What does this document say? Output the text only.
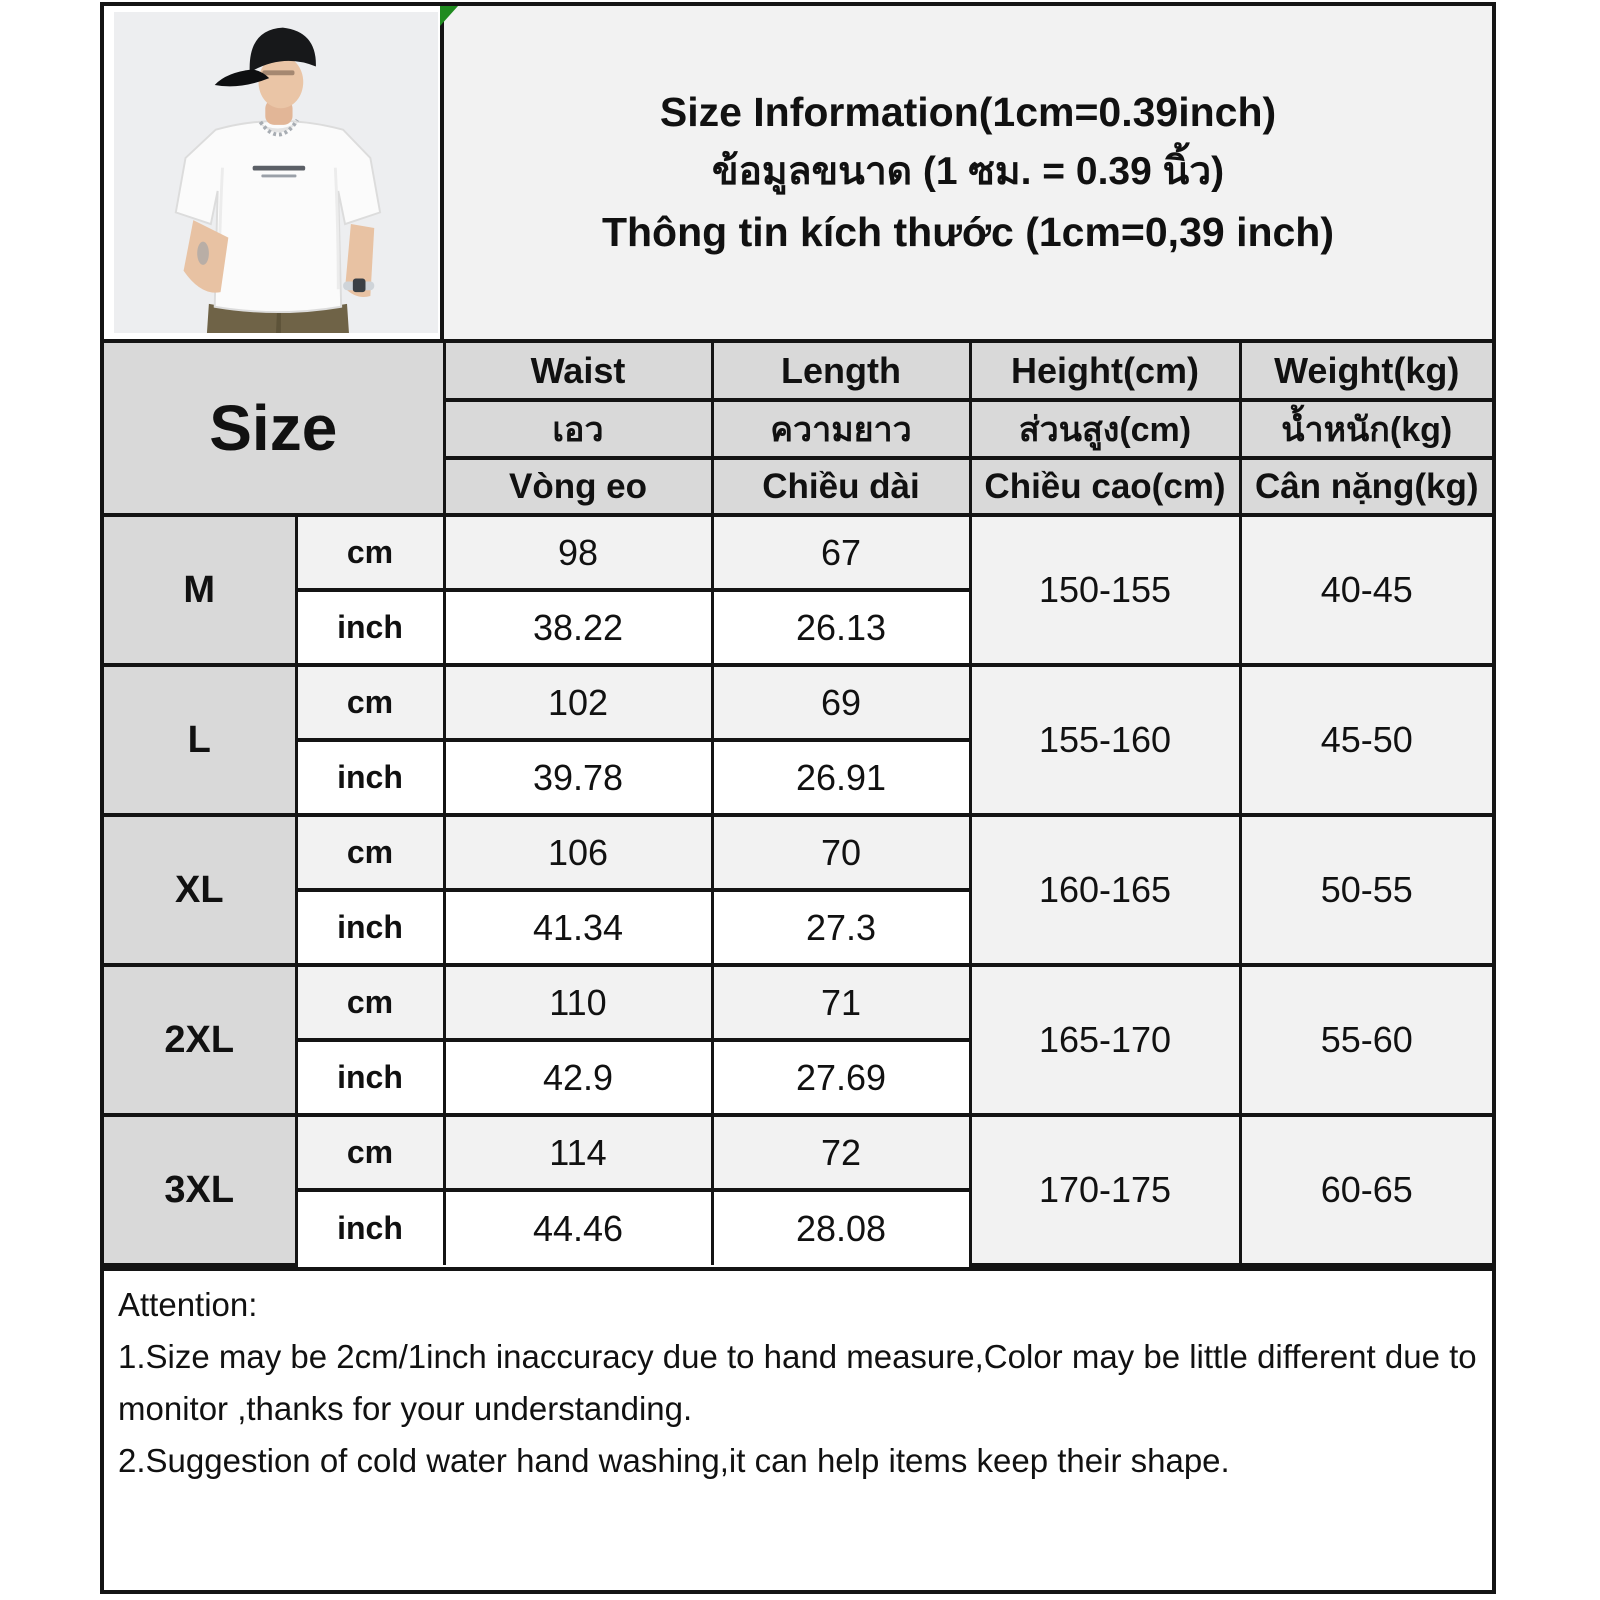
Size Information(1cm=0.39inch)
ข้อมูลขนาด (1 ซม. = 0.39 นิ้ว)
Thông tin kích thước (1cm=0,39 inch)
Size		Waist	Length	Height(cm)	Weight(kg)
		เอว	ความยาว	ส่วนสูง(cm)	น้ำหนัก(kg)
		Vòng eo	Chiều dài	Chiều cao(cm)	Cân nặng(kg)
M	cm	98	67	150-155	40-45
	inch	38.22	26.13		
L	cm	102	69	155-160	45-50
	inch	39.78	26.91		
XL	cm	106	70	160-165	50-55
	inch	41.34	27.3		
2XL	cm	110	71	165-170	55-60
	inch	42.9	27.69		
3XL	cm	114	72	170-175	60-65
	inch	44.46	28.08		
Attention:
1.Size may be 2cm/1inch inaccuracy due to hand measure,Color may be little different due to monitor ,thanks for your understanding.
2.Suggestion of cold water hand washing,it can help items keep their shape.
